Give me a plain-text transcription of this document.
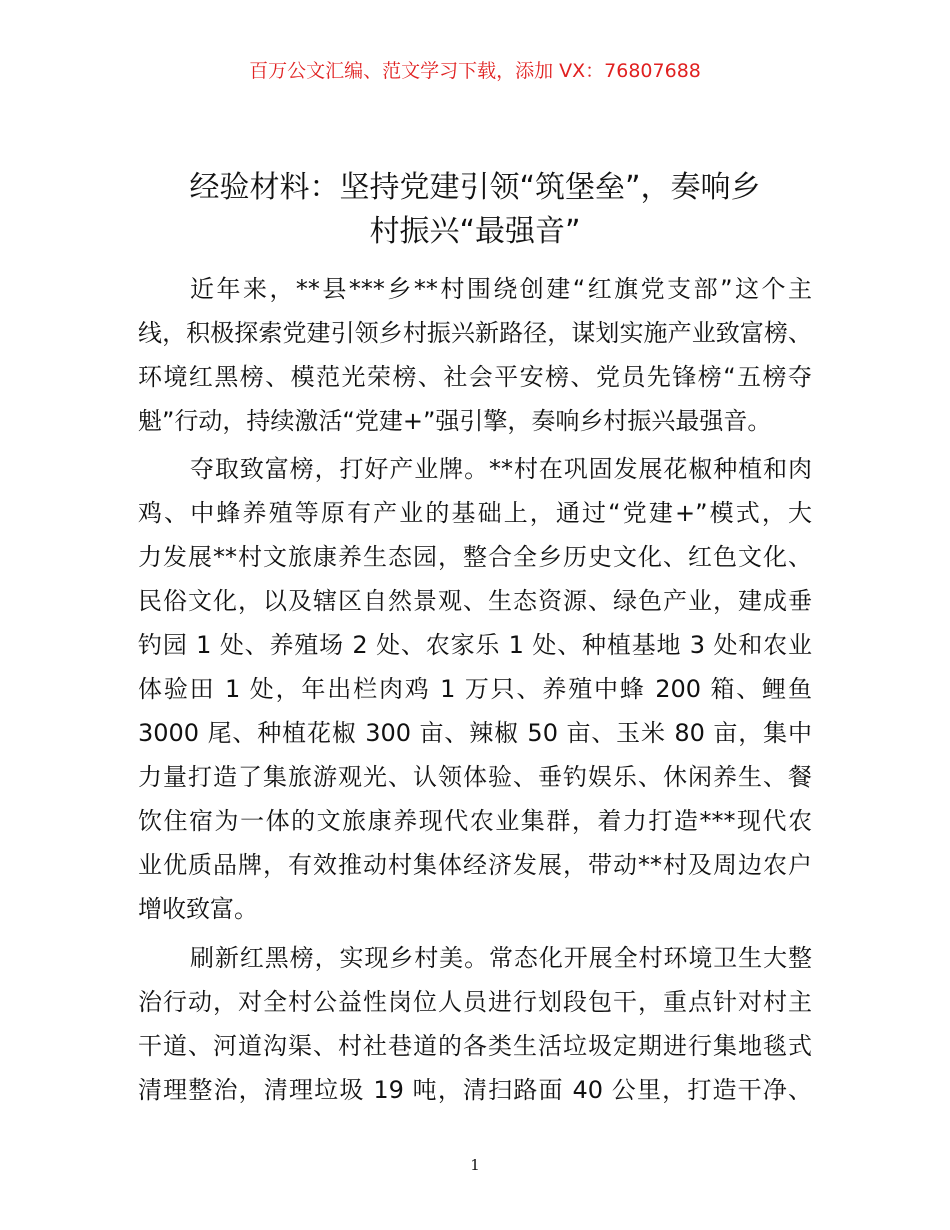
百万公文汇编、范文学习下载，添加 VX：76807688
经验材料：坚持党建引领“筑堡垒”，奏响乡
村振兴“最强音”
近年来，**县***乡**村围绕创建“红旗党支部”这个主
线，积极探索党建引领乡村振兴新路径，谋划实施产业致富榜、
环境红黑榜、模范光荣榜、社会平安榜、党员先锋榜“五榜夺
魁”行动，持续激活“党建+”强引擎，奏响乡村振兴最强音。
夺取致富榜，打好产业牌。**村在巩固发展花椒种植和肉
鸡、中蜂养殖等原有产业的基础上，通过“党建+”模式，大
力发展**村文旅康养生态园，整合全乡历史文化、红色文化、
民俗文化，以及辖区自然景观、生态资源、绿色产业，建成垂
钓园 1 处、养殖场 2 处、农家乐 1 处、种植基地 3 处和农业
体验田 1 处，年出栏肉鸡 1 万只、养殖中蜂 200 箱、鲤鱼
3000 尾、种植花椒 300 亩、辣椒 50 亩、玉米 80 亩，集中
力量打造了集旅游观光、认领体验、垂钓娱乐、休闲养生、餐
饮住宿为一体的文旅康养现代农业集群，着力打造***现代农
业优质品牌，有效推动村集体经济发展，带动**村及周边农户
增收致富。
刷新红黑榜，实现乡村美。常态化开展全村环境卫生大整
治行动，对全村公益性岗位人员进行划段包干，重点针对村主
干道、河道沟渠、村社巷道的各类生活垃圾定期进行集地毯式
清理整治，清理垃圾 19 吨，清扫路面 40 公里，打造干净、
1
